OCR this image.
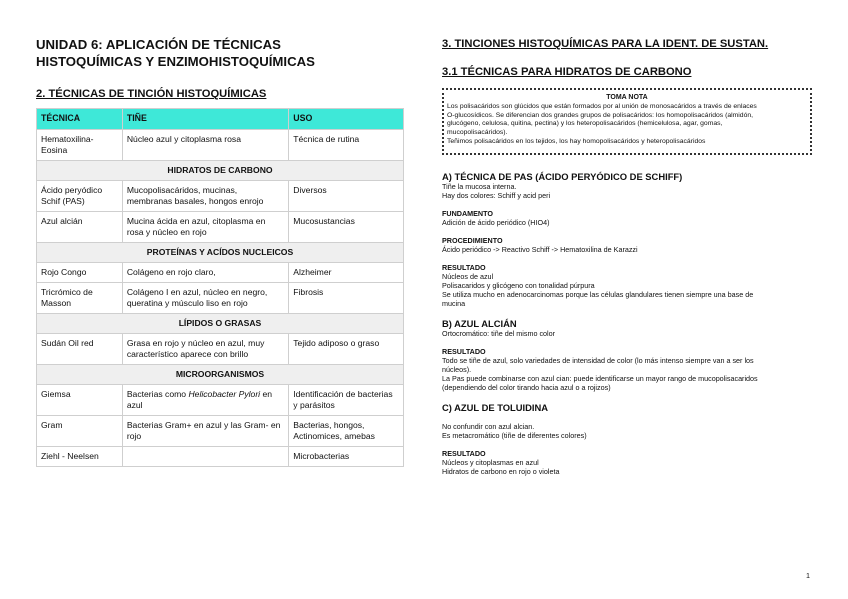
UNIDAD 6: APLICACIÓN DE TÉCNICAS
HISTOQUÍMICAS Y ENZIMOHISTOQUÍMICAS

2. TÉCNICAS DE TINCIÓN HISTOQUÍMICAS
TÉCNICA	TIÑE	USO
Hematoxilina-Eosina	Núcleo azul y citoplasma rosa	Técnica de rutina
HIDRATOS DE CARBONO		
Ácido peryódico Schif (PAS)	Mucopolisacáridos, mucinas, membranas basales, hongos enrojo	Diversos
Azul alcián	Mucina ácida en azul, citoplasma en rosa y núcleo en rojo	Mucosustancias
PROTEÍNAS Y ACÍDOS NUCLEICOS		
Rojo Congo	Colágeno en rojo claro,	Alzheimer
Tricrómico de Masson	Colágeno I en azul, núcleo en negro, queratina y músculo liso en rojo	Fibrosis
LÍPIDOS O GRASAS		
Sudán Oil red	Grasa en rojo y núcleo en azul, muy característico aparece con brillo	Tejido adiposo o graso
MICROORGANISMOS		
Giemsa	Bacterias como Helicobacter Pylori en azul	Identificación de bacterias y parásitos
Gram	Bacterias Gram+ en azul y las Gram- en rojo	Bacterias, hongos, Actinomices, amebas
Ziehl - Neelsen		Microbacterias
3. TINCIONES HISTOQUÍMICAS PARA LA IDENT. DE SUSTAN.
3.1 TÉCNICAS PARA HIDRATOS DE CARBONO
TOMA NOTA
Los polisacáridos son glúcidos que están formados por al unión de monosacáridos a través de enlaces
O-glucosídicos. Se diferencian dos grandes grupos de polisacáridos: los homopolisacáridos (almidón,
glucógeno, celulosa, quitina, pectina) y los heteropolisacáridos (hemicelulosa, agar, gomas,
mucopolisacáridos).
Teñimos polisacáridos en los tejidos, los hay homopolisacáridos y heteropolisacáridos
A) TÉCNICA DE PAS (ÁCIDO PERYÓDICO DE SCHIFF)
Tiñe la mucosa interna.
Hay dos colores: Schiff y acid peri
FUNDAMENTO
Adición de ácido periódico (HIO4)
PROCEDIMIENTO
Ácido periódico -> Reactivo Schiff -> Hematoxilina de Karazzi
RESULTADO
Núcleos de azul
Polisacaridos y glicógeno con tonalidad púrpura
Se utiliza mucho en adenocarcinomas porque las células glandulares tienen siempre una base de
mucina
B) AZUL ALCIÁN
Ortocromático: tiñe del mismo color
RESULTADO
Todo se tiñe de azul, solo variedades de intensidad de color (lo más intenso siempre van a ser los
núcleos).
La Pas puede combinarse con azul cian: puede identificarse un mayor rango de mucopolisacaridos
(dependiendo del color tirando hacia azul o a rojizos)
C) AZUL DE TOLUIDINA
No confundir con azul alcian.
Es metacromático (tiñe de diferentes colores)
RESULTADO
Núcleos y citoplasmas en azul
Hidratos de carbono en rojo o violeta
1
